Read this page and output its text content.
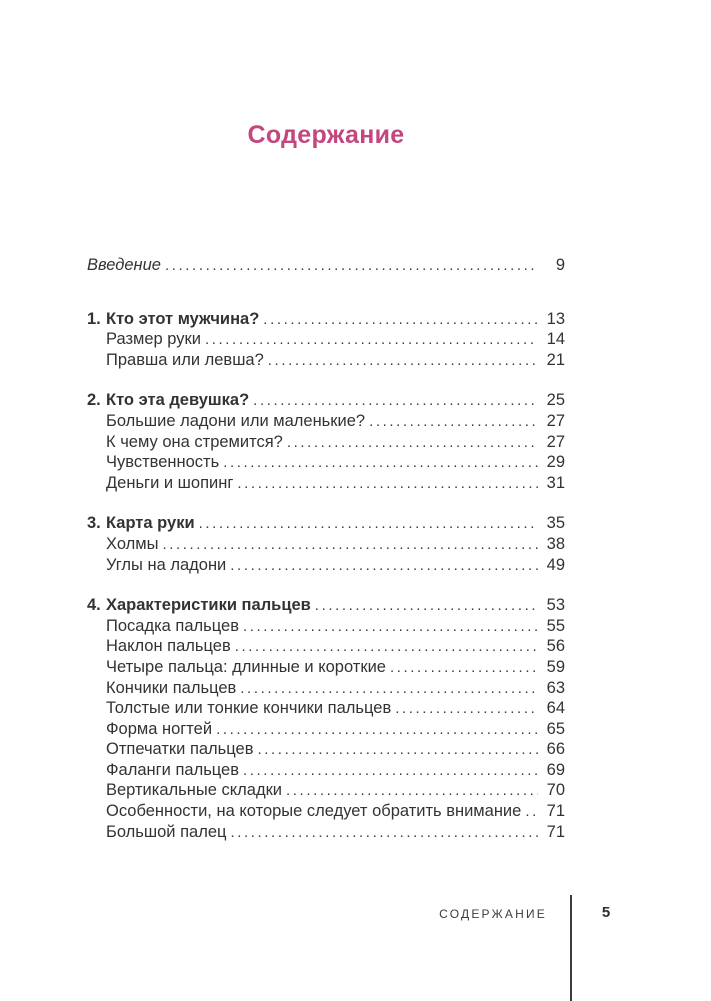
Содержание
Введение .....	9
1. Кто этот мужчина? .....	13
Размер руки .....	14
Правша или левша? .....	21
2. Кто эта девушка? .....	25
Большие ладони или маленькие? .....	27
К чему она стремится? .....	27
Чувственность .....	29
Деньги и шопинг .....	31
3. Карта руки .....	35
Холмы .....	38
Углы на ладони .....	49
4. Характеристики пальцев .....	53
Посадка пальцев .....	55
Наклон пальцев .....	56
Четыре пальца: длинные и короткие .....	59
Кончики пальцев .....	63
Толстые или тонкие кончики пальцев .....	64
Форма ногтей .....	65
Отпечатки пальцев .....	66
Фаланги пальцев .....	69
Вертикальные складки .....	70
Особенности, на которые следует обратить внимание .....	71
Большой палец .....	71
СОДЕРЖАНИЕ	5
